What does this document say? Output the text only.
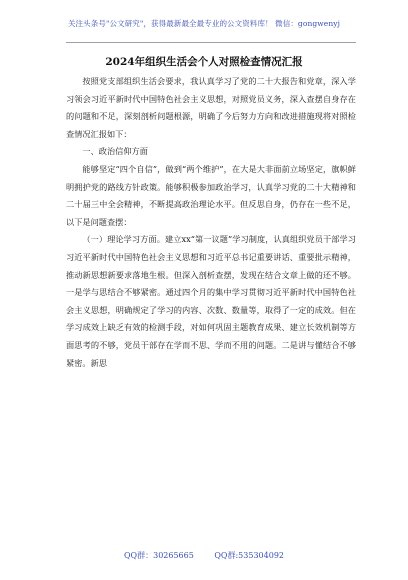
关注头条号"公文研究"，获得最新最全最专业的公文资料库！ 微信：gongwenyj
2024年组织生活会个人对照检查情况汇报

按照党支部组织生活会要求，我认真学习了党的二十大报告和党章，深入学习领会习近平新时代中国特色社会主义思想，对照党员义务，深入查摆自身存在的问题和不足，深刻剖析问题根源，明确了今后努力方向和改进措施现将对照检查情况汇报如下：

一、政治信仰方面

能够坚定“四个自信”，做到“两个维护”，在大是大非面前立场坚定，旗帜鲜明拥护党的路线方针政策。能够积极参加政治学习，认真学习党的二十大精神和二十届三中全会精神，不断提高政治理论水平。但反思自身，仍存在一些不足，以下是问题查摆：

（一）理论学习方面。建立xx“第一议题”学习制度，认真组织党员干部学习习近平新时代中国特色社会主义思想和习近平总书记重要讲话、重要批示精神，推动新思想新要求落地生根。但深入剖析查摆，发现在结合文章上做的还不够。一是学与思结合不够紧密。通过四个月的集中学习贯彻习近平新时代中国特色社会主义思想，明确规定了学习的内容、次数、数量等，取得了一定的成效。但在学习成效上缺乏有效的检测手段，对如何巩固主题教育成果、建立长效机制等方面思考的不够，党员干部存在学而不思、学而不用的问题。二是讲与懂结合不够紧密。新思

QQ群：30265665	QQ群:535304092
